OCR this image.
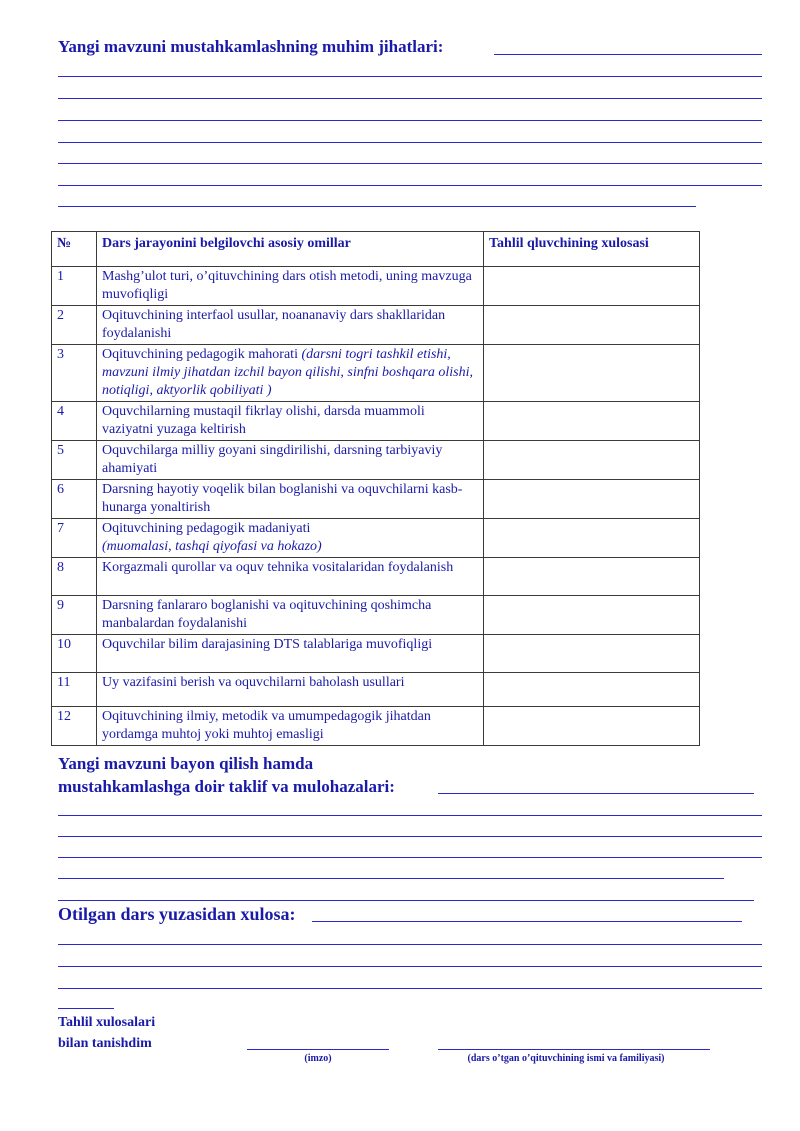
Yangi mavzuni mustahkamlashning muhim jihatlari:
№	Dars jarayonini belgilovchi asosiy omillar	Tahlil qluvchining xulosasi
1	Mashg’ulot turi, o’qituvchining dars otish metodi, uning mavzuga muvofiqligi	
2	Oqituvchining interfaol usullar, noananaviy dars shakllaridan foydalanishi	
3	Oqituvchining pedagogik mahorati (darsni togri tashkil etishi, mavzuni ilmiy jihatdan izchil bayon qilishi, sinfni boshqara olishi, notiqligi, aktyorlik qobiliyati )	
4	Oquvchilarning mustaqil fikrlay olishi, darsda muammoli vaziyatni yuzaga keltirish	
5	Oquvchilarga milliy goyani singdirilishi, darsning tarbiyaviy ahamiyati	
6	Darsning hayotiy voqelik bilan boglanishi va oquvchilarni kasb-hunarga yonaltirish	
7	Oqituvchining pedagogik madaniyati
(muomalasi, tashqi qiyofasi va hokazo)	
8	Korgazmali qurollar va oquv tehnika vositalaridan foydalanish	
9	Darsning fanlararo boglanishi va oqituvchining qoshimcha manbalardan foydalanishi	
10	Oquvchilar bilim darajasining DTS talablariga muvofiqligi	
11	Uy vazifasini berish va oquvchilarni baholash usullari	
12	Oqituvchining ilmiy, metodik va umumpedagogik jihatdan yordamga muhtoj yoki muhtoj emasligi	
Yangi mavzuni bayon qilish hamda
mustahkamlashga doir taklif va mulohazalari:
Otilgan dars yuzasidan xulosa:
Tahlil xulosalari
bilan tanishdim
(imzo)	(dars o’tgan o’qituvchining ismi va familiyasi)
